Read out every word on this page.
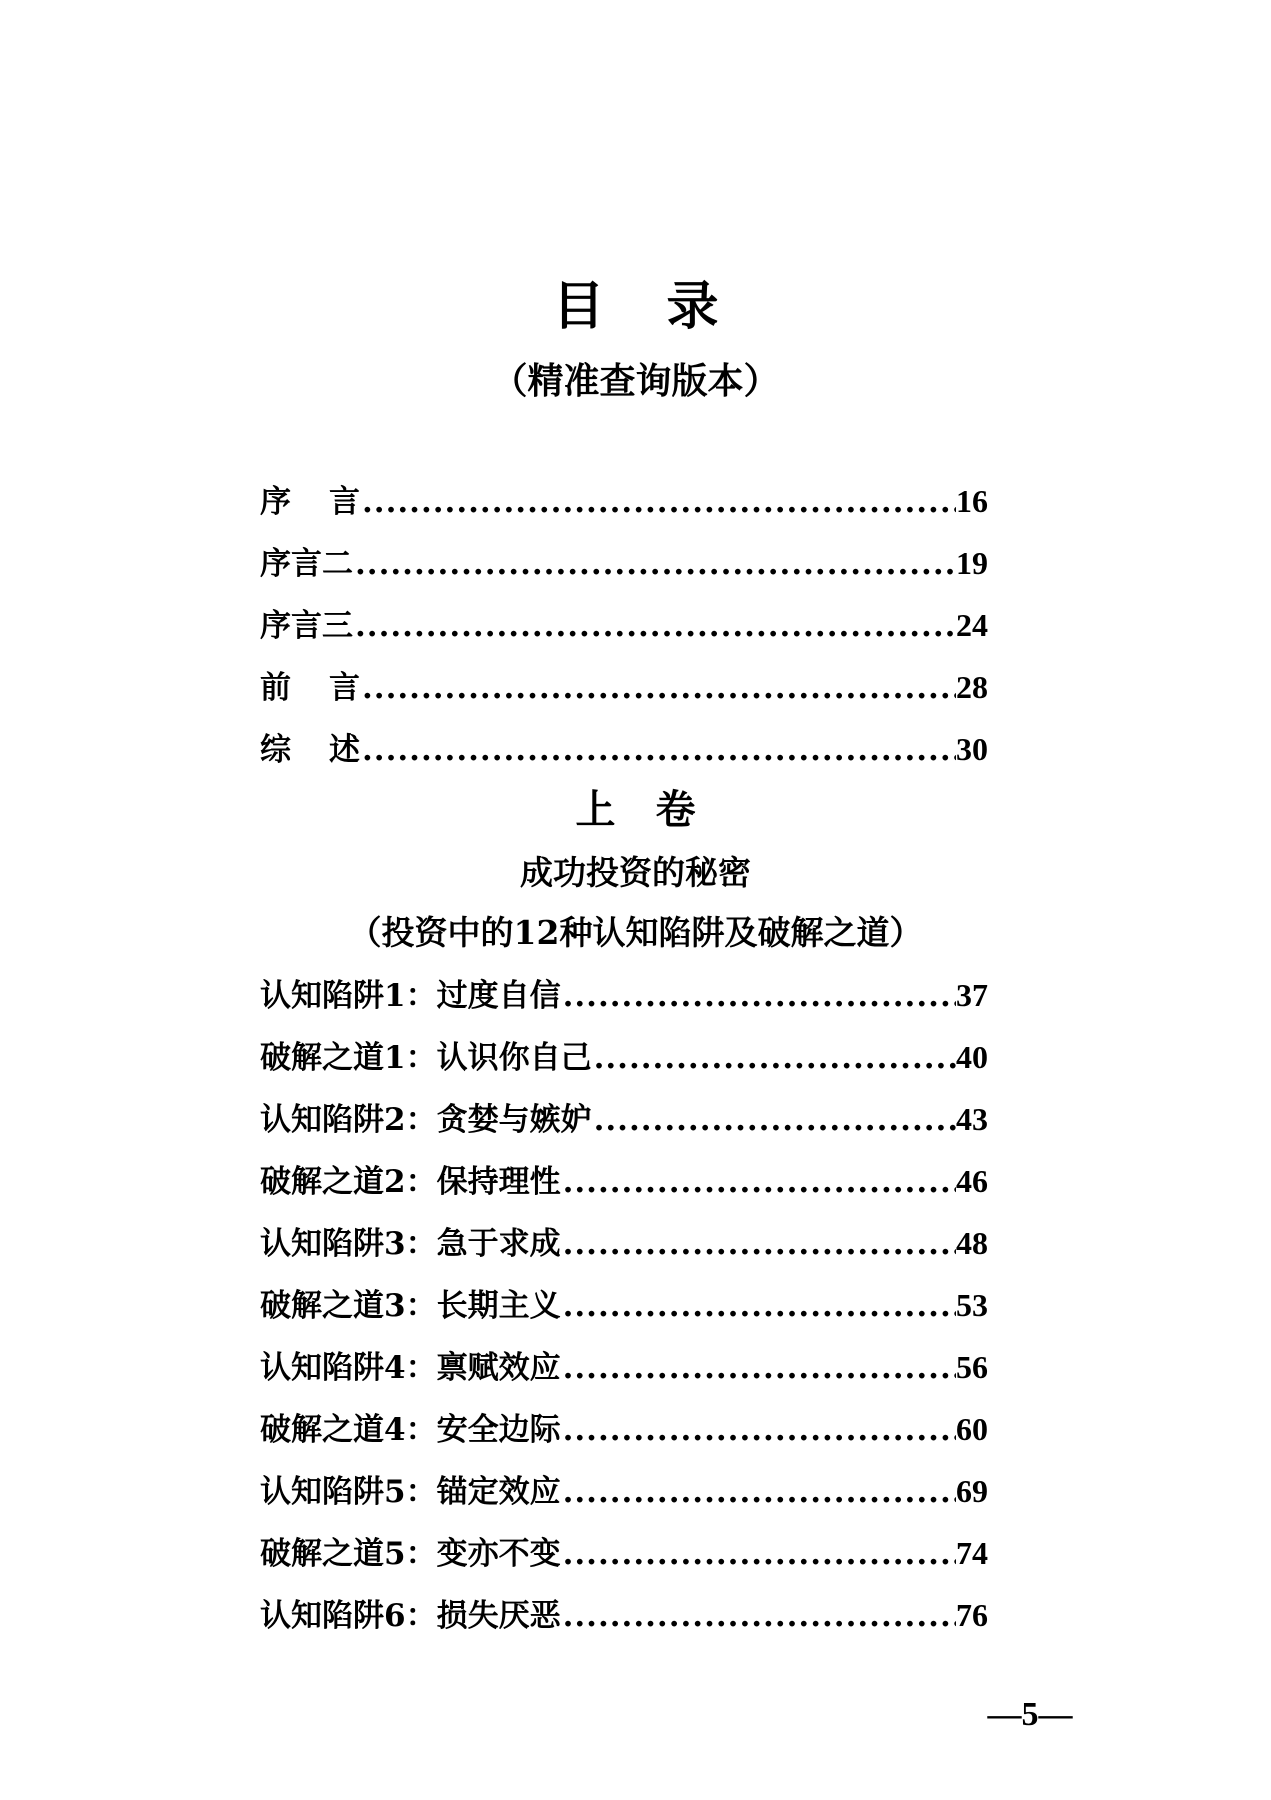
目录
（精准查询版本）
序 言 .....	16
序言二 .....	19
序言三 .....	24
前 言 .....	28
综 述 .....	30
上卷
成功投资的秘密
（投资中的12种认知陷阱及破解之道）
认知陷阱1：过度自信 .....	37
破解之道1：认识你自己 .....	40
认知陷阱2：贪婪与嫉妒 .....	43
破解之道2：保持理性 .....	46
认知陷阱3：急于求成 .....	48
破解之道3：长期主义 .....	53
认知陷阱4：禀赋效应 .....	56
破解之道4：安全边际 .....	60
认知陷阱5：锚定效应 .....	69
破解之道5：变亦不变 .....	74
认知陷阱6：损失厌恶 .....	76
—5—
